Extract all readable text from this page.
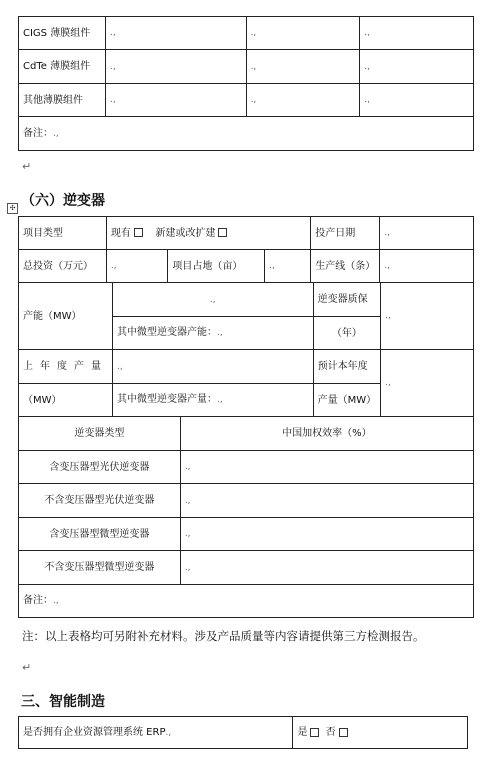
CIGS 薄膜组件	.,	.,	.,
CdTe 薄膜组件	.,	.,	.,
其他薄膜组件	.,	.,	.,
备注：.,			
↵
✣ （六）逆变器
项目类型	现有 新建或改扩建			投产日期	.,
总投资（万元）	.,	项目占地（亩）	.,	生产线（条）	.,
产能（MW）	.,	逆变器质保	.,
	其中微型逆变器产能：.,	（年）	
上年度产量	.,	预计本年度	.,
（MW）	其中微型逆变器产量：.,	产量（MW）	
逆变器类型	中国加权效率（%）
含变压器型光伏逆变器	.,
不含变压器型光伏逆变器	.,
含变压器型微型逆变器	.,
不含变压器型微型逆变器	.,
备注：.,	
注：以上表格均可另附补充材料。涉及产品质量等内容请提供第三方检测报告。
↵
三、智能制造
是否拥有企业资源管理系统 ERP.,	是 否
